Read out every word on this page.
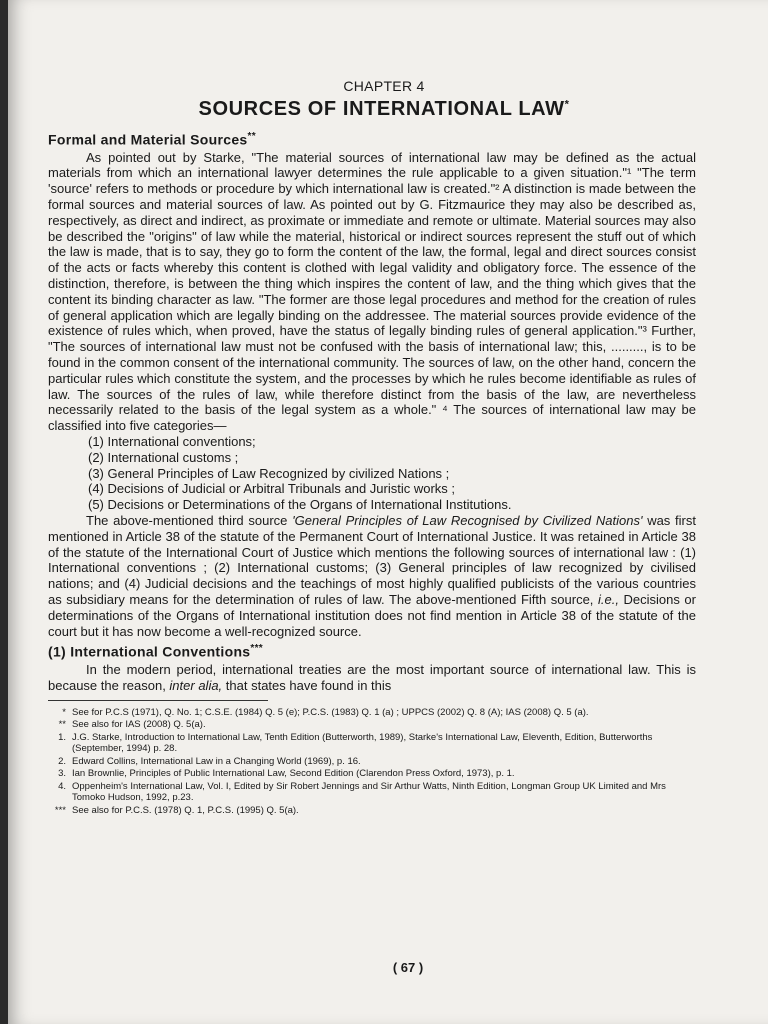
CHAPTER 4

SOURCES OF INTERNATIONAL LAW*
Formal and Material Sources**

As pointed out by Starke, "The material sources of international law may be defined as the actual materials from which an international lawyer determines the rule applicable to a given situation."¹ "The term 'source' refers to methods or procedure by which international law is created."² A distinction is made between the formal sources and material sources of law. As pointed out by G. Fitzmaurice they may also be described as, respectively, as direct and indirect, as proximate or immediate and remote or ultimate. Material sources may also be described the "origins" of law while the material, historical or indirect sources represent the stuff out of which the law is made, that is to say, they go to form the content of the law, the formal, legal and direct sources consist of the acts or facts whereby this content is clothed with legal validity and obligatory force. The essence of the distinction, therefore, is between the thing which inspires the content of law, and the thing which gives that the content its binding character as law. "The former are those legal procedures and method for the creation of rules of general application which are legally binding on the addressee. The material sources provide evidence of the existence of rules which, when proved, have the status of legally binding rules of general application."³ Further, "The sources of international law must not be confused with the basis of international law; this, ........., is to be found in the common consent of the international community. The sources of law, on the other hand, concern the particular rules which constitute the system, and the processes by which he rules become identifiable as rules of law. The sources of the rules of law, while therefore distinct from the basis of the law, are nevertheless necessarily related to the basis of the legal system as a whole." ⁴ The sources of international law may be classified into five categories—

(1) International conventions;
(2) International customs ;
(3) General Principles of Law Recognized by civilized Nations ;
(4) Decisions of Judicial or Arbitral Tribunals and Juristic works ;
(5) Decisions or Determinations of the Organs of International Institutions.

The above-mentioned third source 'General Principles of Law Recognised by Civilized Nations' was first mentioned in Article 38 of the statute of the Permanent Court of International Justice. It was retained in Article 38 of the statute of the International Court of Justice which mentions the following sources of international law : (1) International conventions ; (2) International customs; (3) General principles of law recognized by civilised nations; and (4) Judicial decisions and the teachings of most highly qualified publicists of the various countries as subsidiary means for the determination of rules of law. The above-mentioned Fifth source, i.e., Decisions or determinations of the Organs of International institution does not find mention in Article 38 of the statute of the court but it has now become a well-recognized source.

(1) International Conventions***

In the modern period, international treaties are the most important source of international law. This is because the reason, inter alia, that states have found in this

* See for P.C.S (1971), Q. No. 1; C.S.E. (1984) Q. 5 (e); P.C.S. (1983) Q. 1 (a) ; UPPCS (2002) Q. 8 (A); IAS (2008) Q. 5 (a).
** See also for IAS (2008) Q. 5(a).
1. J.G. Starke, Introduction to International Law, Tenth Edition (Butterworth, 1989), Starke's International Law, Eleventh, Edition, Butterworths (September, 1994) p. 28.
2. Edward Collins, International Law in a Changing World (1969), p. 16.
3. Ian Brownlie, Principles of Public International Law, Second Edition (Clarendon Press Oxford, 1973), p. 1.
4. Oppenheim's International Law, Vol. I, Edited by Sir Robert Jennings and Sir Arthur Watts, Ninth Edition, Longman Group UK Limited and Mrs Tomoko Hudson, 1992, p.23.
*** See also for P.C.S. (1978) Q. 1, P.C.S. (1995) Q. 5(a).
( 67 )
